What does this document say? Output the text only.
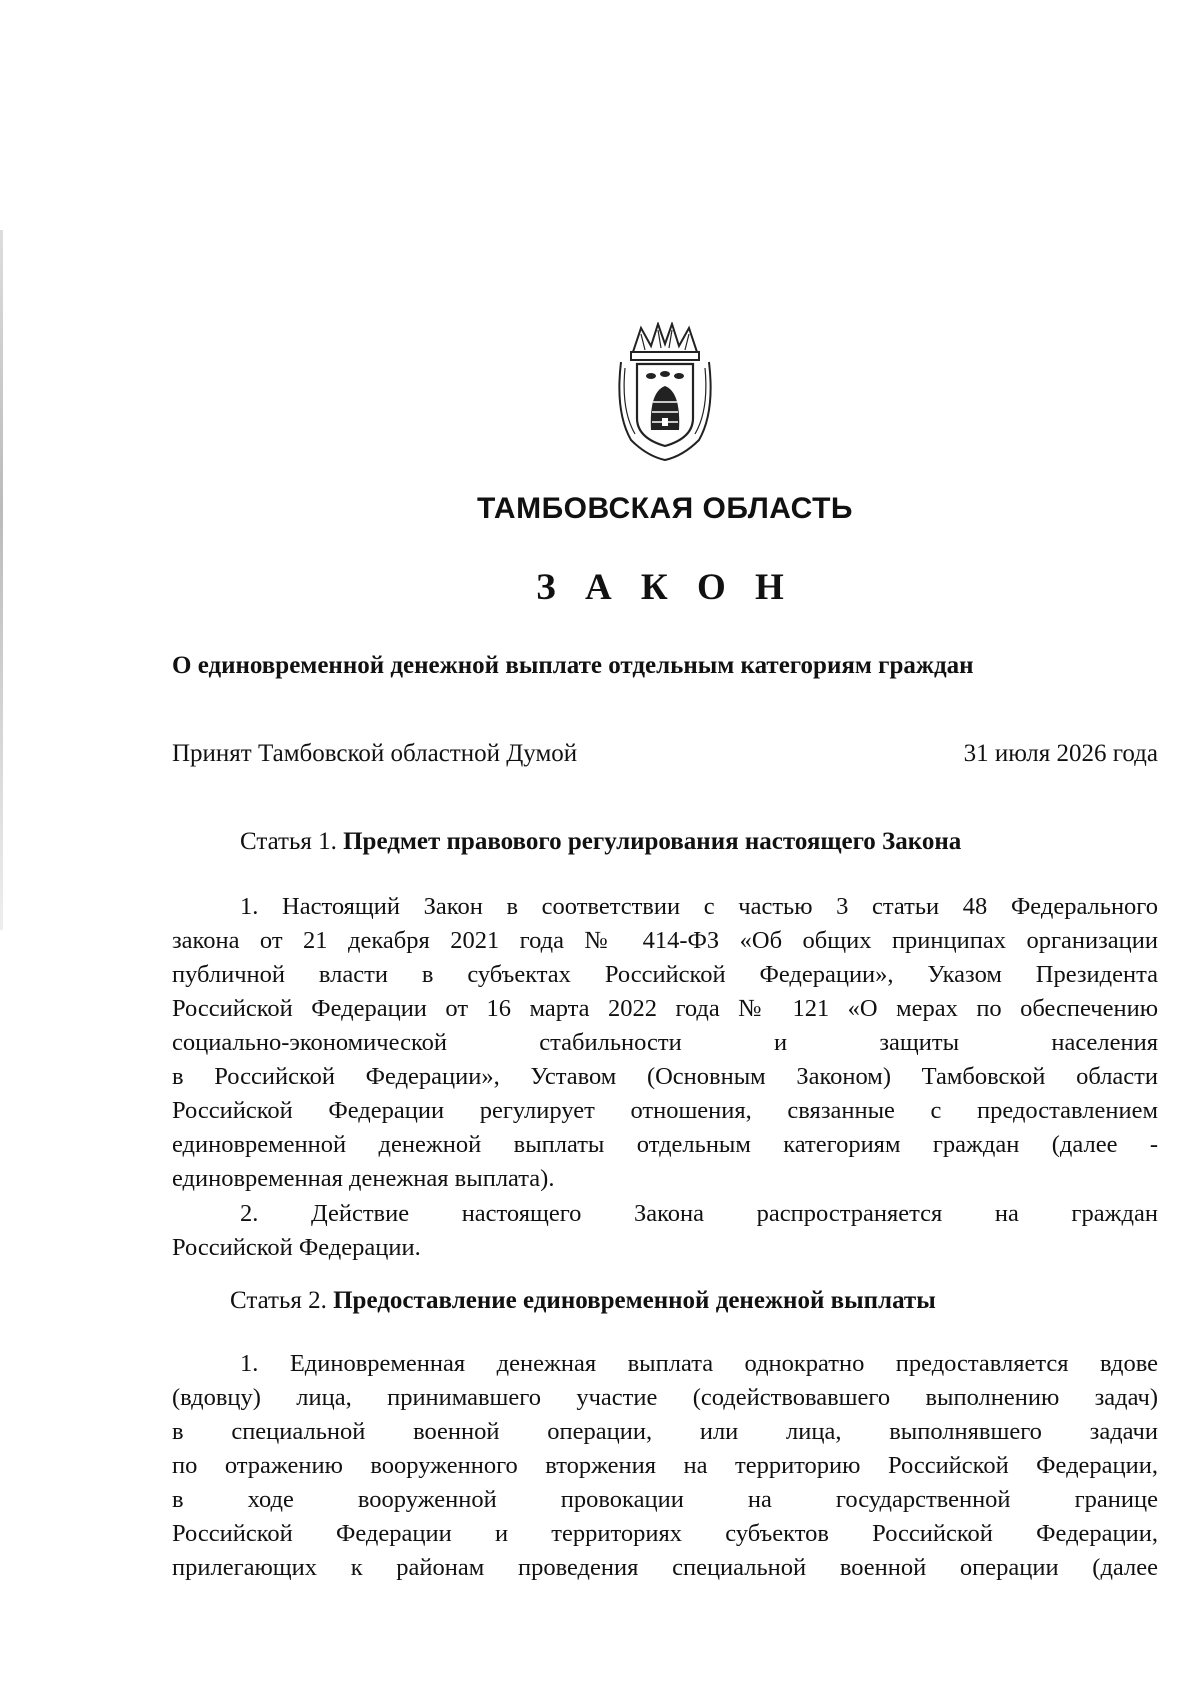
ТАМБОВСКАЯ ОБЛАСТЬ
З А К О Н
О единовременной денежной выплате отдельным категориям граждан
Принят Тамбовской областной Думой	31 июля 2026 года
Статья 1. Предмет правового регулирования настоящего Закона
1. Настоящий Закон в соответствии с частью 3 статьи 48 Федерального
закона от 21 декабря 2021 года № 414-ФЗ «Об общих принципах организации
публичной власти в субъектах Российской Федерации», Указом Президента
Российской Федерации от 16 марта 2022 года № 121 «О мерах по обеспечению
социально-экономической стабильности и защиты населения
в Российской Федерации», Уставом (Основным Законом) Тамбовской области
Российской Федерации регулирует отношения, связанные с предоставлением
единовременной денежной выплаты отдельным категориям граждан (далее -
единовременная денежная выплата).
2. Действие настоящего Закона распространяется на граждан
Российской Федерации.
Статья 2. Предоставление единовременной денежной выплаты
1. Единовременная денежная выплата однократно предоставляется вдове
(вдовцу) лица, принимавшего участие (содействовавшего выполнению задач)
в специальной военной операции, или лица, выполнявшего задачи
по отражению вооруженного вторжения на территорию Российской Федерации,
в ходе вооруженной провокации на государственной границе
Российской Федерации и территориях субъектов Российской Федерации,
прилегающих к районам проведения специальной военной операции (далее
